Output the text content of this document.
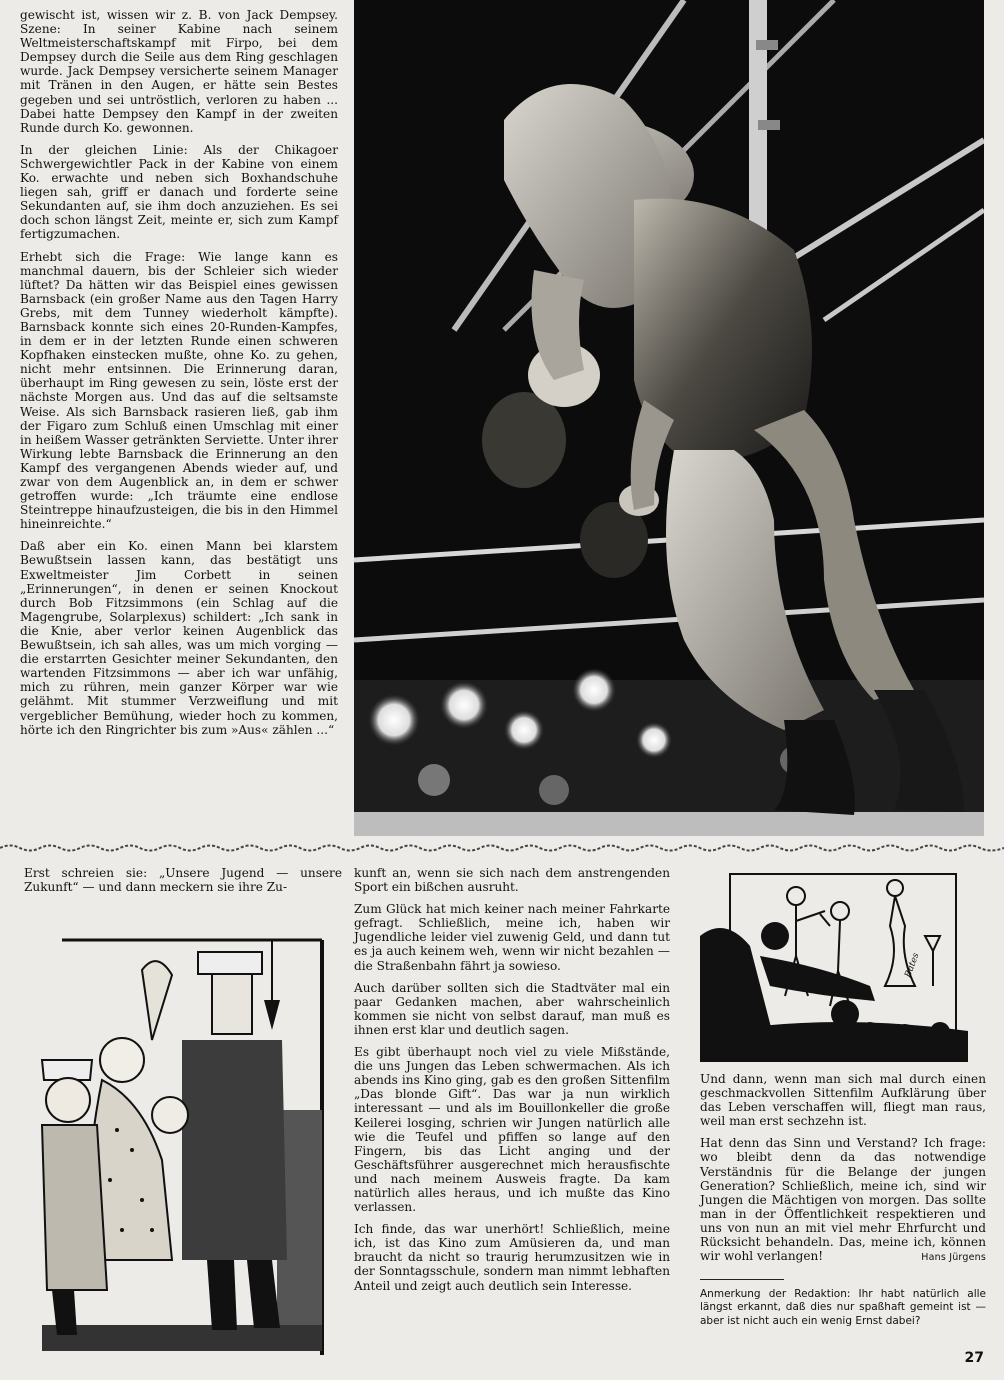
gewischt ist, wissen wir z. B. von Jack Dempsey. Szene: In seiner Kabine nach seinem Weltmeisterschaftskampf mit Firpo, bei dem Dempsey durch die Seile aus dem Ring geschlagen wurde. Jack Dempsey versicherte seinem Manager mit Tränen in den Augen, er hätte sein Bestes gegeben und sei untröstlich, verloren zu haben ... Dabei hatte Dempsey den Kampf in der zweiten Runde durch Ko. gewonnen.

In der gleichen Linie: Als der Chikagoer Schwergewichtler Pack in der Kabine von einem Ko. erwachte und neben sich Boxhandschuhe liegen sah, griff er danach und forderte seine Sekundanten auf, sie ihm doch anzuziehen. Es sei doch schon längst Zeit, meinte er, sich zum Kampf fertigzumachen.

Erhebt sich die Frage: Wie lange kann es manchmal dauern, bis der Schleier sich wieder lüftet? Da hätten wir das Beispiel eines gewissen Barnsback (ein großer Name aus den Tagen Harry Grebs, mit dem Tunney wiederholt kämpfte). Barnsback konnte sich eines 20-Runden-Kampfes, in dem er in der letzten Runde einen schweren Kopfhaken einstecken mußte, ohne Ko. zu gehen, nicht mehr entsinnen. Die Erinnerung daran, überhaupt im Ring gewesen zu sein, löste erst der nächste Morgen aus. Und das auf die seltsamste Weise. Als sich Barnsback rasieren ließ, gab ihm der Figaro zum Schluß einen Umschlag mit einer in heißem Wasser getränkten Serviette. Unter ihrer Wirkung lebte Barnsback die Erinnerung an den Kampf des vergangenen Abends wieder auf, und zwar von dem Augenblick an, in dem er schwer getroffen wurde: „Ich träumte eine endlose Steintreppe hinaufzusteigen, die bis in den Himmel hineinreichte.“

Daß aber ein Ko. einen Mann bei klarstem Bewußtsein lassen kann, das bestätigt uns Exweltmeister Jim Corbett in seinen „Erinnerungen“, in denen er seinen Knockout durch Bob Fitzsimmons (ein Schlag auf die Magengrube, Solarplexus) schildert: „Ich sank in die Knie, aber verlor keinen Augenblick das Bewußtsein, ich sah alles, was um mich vorging — die erstarrten Gesichter meiner Sekundanten, den wartenden Fitzsimmons — aber ich war unfähig, mich zu rühren, mein ganzer Körper war wie gelähmt. Mit stummer Verzweiflung und mit vergeblicher Bemühung, wieder hoch zu kommen, hörte ich den Ringrichter bis zum »Aus« zählen ...“

Erst schreien sie: „Unsere Jugend — unsere Zukunft“ — und dann meckern sie ihre Zu-

kunft an, wenn sie sich nach dem anstrengenden Sport ein bißchen ausruht.

Zum Glück hat mich keiner nach meiner Fahrkarte gefragt. Schließlich, meine ich, haben wir Jugendliche leider viel zuwenig Geld, und dann tut es ja auch keinem weh, wenn wir nicht bezahlen — die Straßenbahn fährt ja sowieso.

Auch darüber sollten sich die Stadtväter mal ein paar Gedanken machen, aber wahrscheinlich kommen sie nicht von selbst darauf, man muß es ihnen erst klar und deutlich sagen.

Es gibt überhaupt noch viel zu viele Mißstände, die uns Jungen das Leben schwermachen. Als ich abends ins Kino ging, gab es den großen Sittenfilm „Das blonde Gift“. Das war ja nun wirklich interessant — und als im Bouillonkeller die große Keilerei losging, schrien wir Jungen natürlich alle wie die Teufel und pfiffen so lange auf den Fingern, bis das Licht anging und der Geschäftsführer ausgerechnet mich herausfischte und nach meinem Ausweis fragte. Da kam natürlich alles heraus, und ich mußte das Kino verlassen.

Ich finde, das war unerhört! Schließlich, meine ich, ist das Kino zum Amüsieren da, und man braucht da nicht so traurig herumzusitzen wie in der Sonntagsschule, sondern man nimmt lebhaften Anteil und zeigt auch deutlich sein Interesse.

Bätes

Und dann, wenn man sich mal durch einen geschmackvollen Sittenfilm Aufklärung über das Leben verschaffen will, fliegt man raus, weil man erst sechzehn ist.

Hat denn das Sinn und Verstand? Ich frage: wo bleibt denn da das notwendige Verständnis für die Belange der jungen Generation? Schließlich, meine ich, sind wir Jungen die Mächtigen von morgen. Das sollte man in der Öffentlichkeit respektieren und uns von nun an mit viel mehr Ehrfurcht und Rücksicht behandeln. Das, meine ich, können wir wohl verlangen!	Hans Jürgens

Anmerkung der Redaktion: Ihr habt natürlich alle längst erkannt, daß dies nur spaßhaft gemeint ist — aber ist nicht auch ein wenig Ernst dabei?
27
